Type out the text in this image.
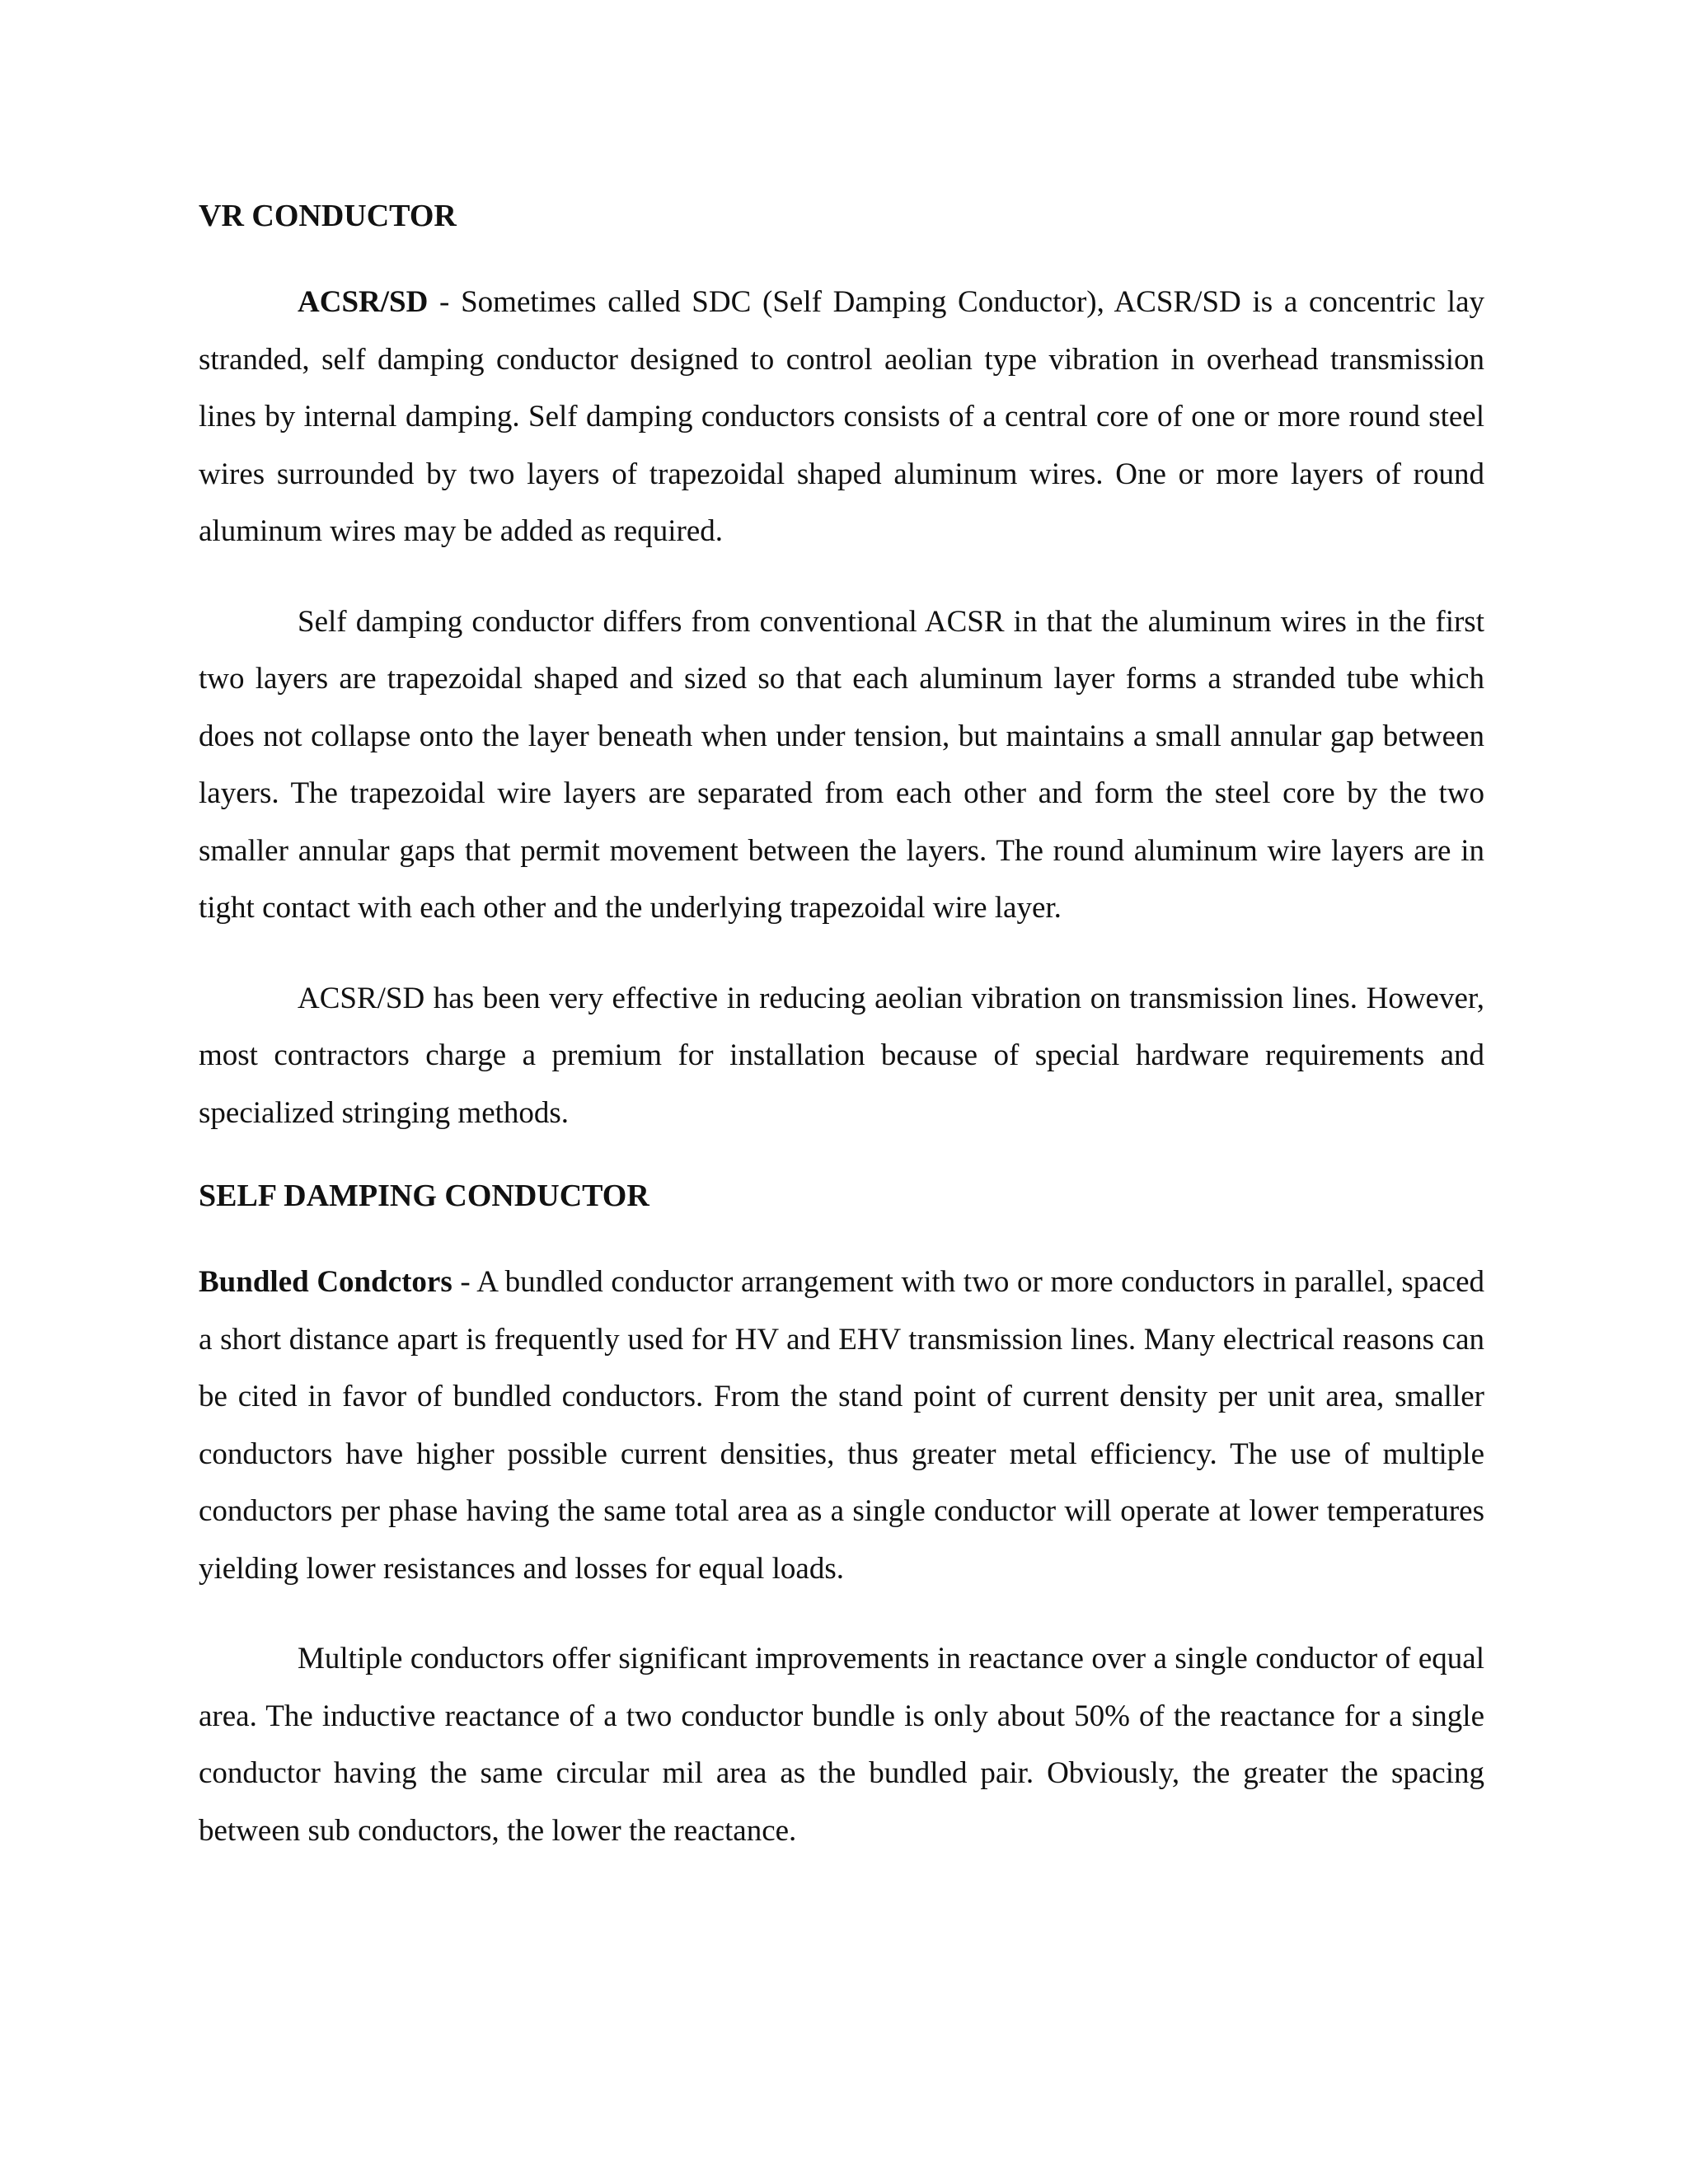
VR CONDUCTOR

ACSR/SD - Sometimes called SDC (Self Damping Conductor), ACSR/SD is a concentric lay stranded, self damping conductor designed to control aeolian type vibration in overhead transmission lines by internal damping. Self damping conductors consists of a central core of one or more round steel wires surrounded by two layers of trapezoidal shaped aluminum wires. One or more layers of round aluminum wires may be added as required.

Self damping conductor differs from conventional ACSR in that the aluminum wires in the first two layers are trapezoidal shaped and sized so that each aluminum layer forms a stranded tube which does not collapse onto the layer beneath when under tension, but maintains a small annular gap between layers. The trapezoidal wire layers are separated from each other and form the steel core by the two smaller annular gaps that permit movement between the layers. The round aluminum wire layers are in tight contact with each other and the underlying trapezoidal wire layer.

ACSR/SD has been very effective in reducing aeolian vibration on transmission lines. However, most contractors charge a premium for installation because of special hardware requirements and specialized stringing methods.

SELF DAMPING CONDUCTOR

Bundled Condctors - A bundled conductor arrangement with two or more conductors in parallel, spaced a short distance apart is frequently used for HV and EHV transmission lines. Many electrical reasons can be cited in favor of bundled conductors. From the stand point of current density per unit area, smaller conductors have higher possible current densities, thus greater metal efficiency. The use of multiple conductors per phase having the same total area as a single conductor will operate at lower temperatures yielding lower resistances and losses for equal loads.

Multiple conductors offer significant improvements in reactance over a single conductor of equal area. The inductive reactance of a two conductor bundle is only about 50% of the reactance for a single conductor having the same circular mil area as the bundled pair. Obviously, the greater the spacing between sub conductors, the lower the reactance.
